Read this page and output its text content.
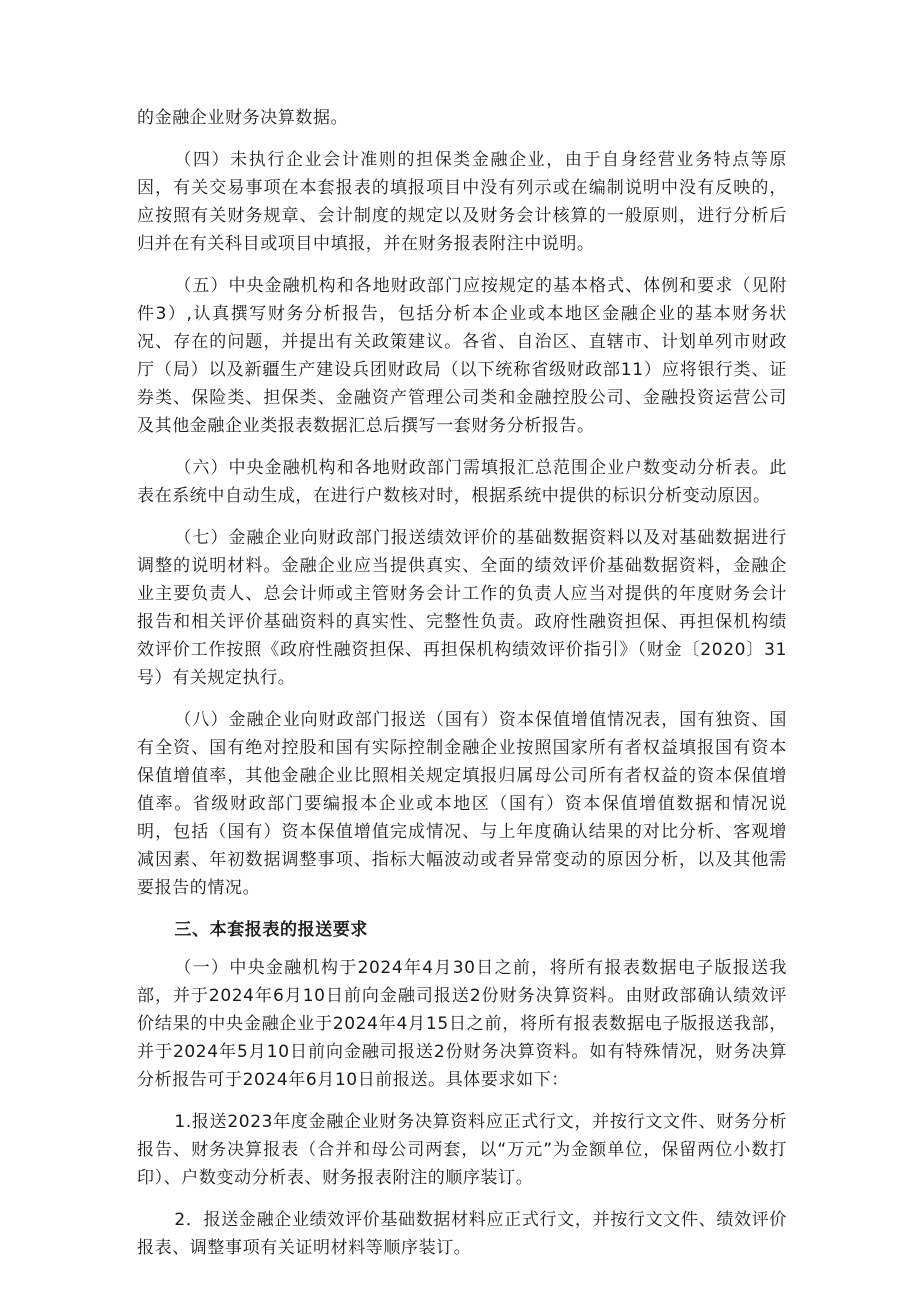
的金融企业财务决算数据。

（四）未执行企业会计准则的担保类金融企业，由于自身经营业务特点等原因，有关交易事项在本套报表的填报项目中没有列示或在编制说明中没有反映的，应按照有关财务规章、会计制度的规定以及财务会计核算的一般原则，进行分析后归并在有关科目或项目中填报，并在财务报表附注中说明。

（五）中央金融机构和各地财政部门应按规定的基本格式、体例和要求（见附件3）,认真撰写财务分析报告，包括分析本企业或本地区金融企业的基本财务状况、存在的问题，并提出有关政策建议。各省、自治区、直辖市、计划单列市财政厅（局）以及新疆生产建设兵团财政局（以下统称省级财政部11）应将银行类、证券类、保险类、担保类、金融资产管理公司类和金融控股公司、金融投资运营公司及其他金融企业类报表数据汇总后撰写一套财务分析报告。

（六）中央金融机构和各地财政部门需填报汇总范围企业户数变动分析表。此表在系统中自动生成，在进行户数核对时，根据系统中提供的标识分析变动原因。

（七）金融企业向财政部门报送绩效评价的基础数据资料以及对基础数据进行调整的说明材料。金融企业应当提供真实、全面的绩效评价基础数据资料，金融企业主要负责人、总会计师或主管财务会计工作的负责人应当对提供的年度财务会计报告和相关评价基础资料的真实性、完整性负责。政府性融资担保、再担保机构绩效评价工作按照《政府性融资担保、再担保机构绩效评价指引》（财金〔2020〕31号）有关规定执行。

（八）金融企业向财政部门报送（国有）资本保值增值情况表，国有独资、国有全资、国有绝对控股和国有实际控制金融企业按照国家所有者权益填报国有资本保值增值率，其他金融企业比照相关规定填报归属母公司所有者权益的资本保值增值率。省级财政部门要编报本企业或本地区（国有）资本保值增值数据和情况说明，包括（国有）资本保值增值完成情况、与上年度确认结果的对比分析、客观增减因素、年初数据调整事项、指标大幅波动或者异常变动的原因分析，以及其他需要报告的情况。

三、本套报表的报送要求

（一）中央金融机构于2024年4月30日之前，将所有报表数据电子版报送我部，并于2024年6月10日前向金融司报送2份财务决算资料。由财政部确认绩效评价结果的中央金融企业于2024年4月15日之前，将所有报表数据电子版报送我部，并于2024年5月10日前向金融司报送2份财务决算资料。如有特殊情况，财务决算分析报告可于2024年6月10日前报送。具体要求如下：

1.报送2023年度金融企业财务决算资料应正式行文，并按行文文件、财务分析报告、财务决算报表（合并和母公司两套，以“万元”为金额单位，保留两位小数打印）、户数变动分析表、财务报表附注的顺序装订。

2．报送金融企业绩效评价基础数据材料应正式行文，并按行文文件、绩效评价报表、调整事项有关证明材料等顺序装订。
